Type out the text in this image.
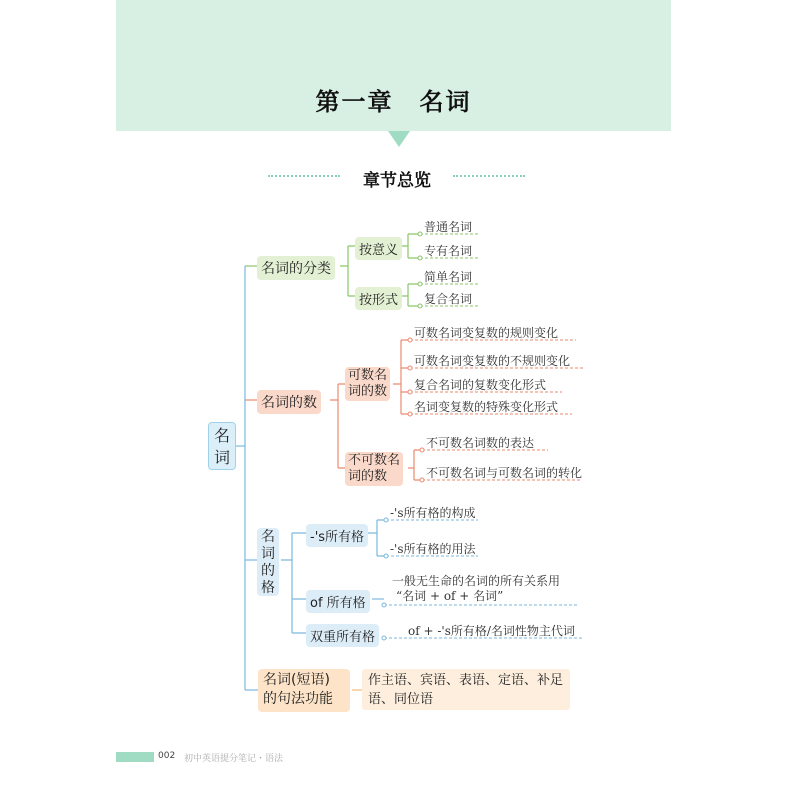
第一章　名词
章节总览
名
词
名词的分类
名词的数
名
词
的
格
名词(短语)
的句法功能
按意义
按形式
可数名
词的数
不可数名
词的数
-'s所有格
of 所有格
双重所有格
作主语、宾语、表语、定语、补足
语、同位语
普通名词
专有名词
简单名词
复合名词
可数名词变复数的规则变化
可数名词变复数的不规则变化
复合名词的复数变化形式
名词变复数的特殊变化形式
不可数名词数的表达
不可数名词与可数名词的转化
-'s所有格的构成
-'s所有格的用法
一般无生命的名词的所有关系用
“名词 + of + 名词”
of + -'s所有格/名词性物主代词
002 初中英语提分笔记・语法
